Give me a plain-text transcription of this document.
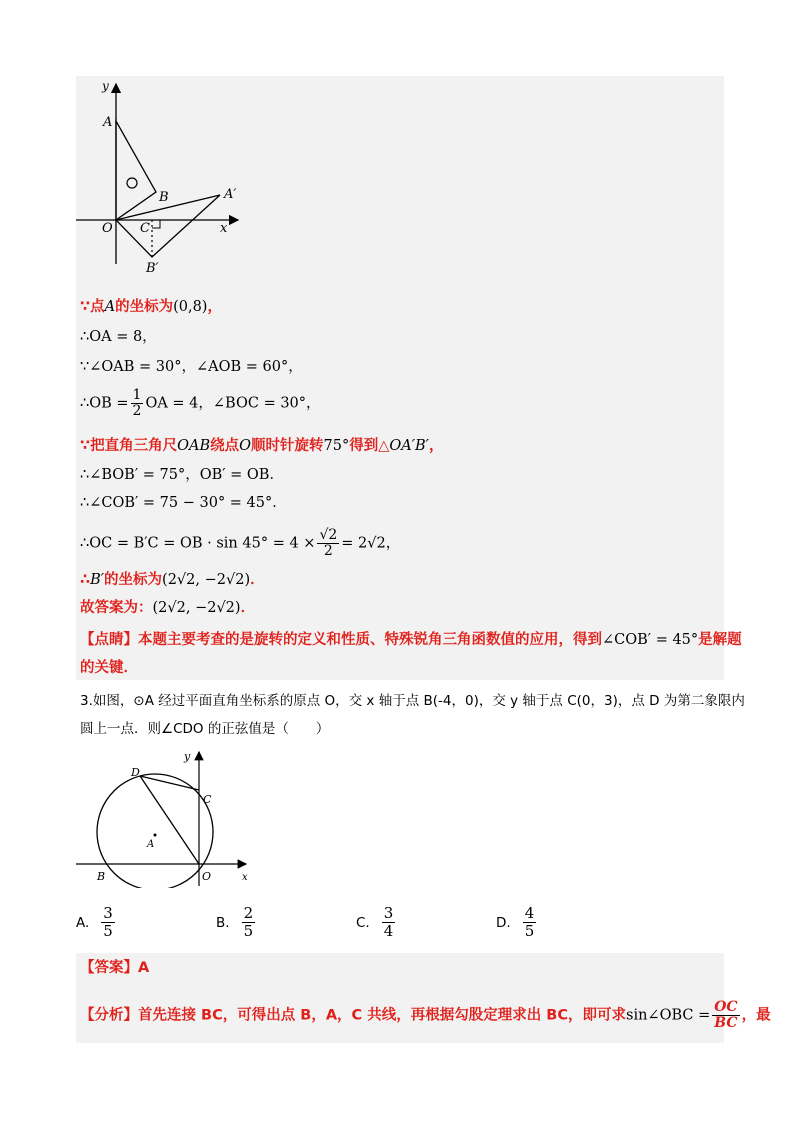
y
A
B	A′
O C	x
B′
∵点A的坐标为(0,8)，
∴OA = 8，
∵∠OAB = 30°，∠AOB = 60°，
∴OB = $\frac{1}{2}$ OA = 4，∠BOC = 30°，
∵把直角三角尺OAB绕点O顺时针旋转75°得到△OA′B′，
∴∠BOB′ = 75°，OB′ = OB．
∴∠COB′ = 75 − 30° = 45°．
∴OC = B′C = OB · $\sin 45^\circ = 4 \times \frac{√2}{2} = 2√2$，
∴B′的坐标为(2√2, −2√2)．
故答案为：(2√2, −2√2)．
【点睛】本题主要考查的是旋转的定义和性质、特殊锐角三角函数值的应用，得到∠COB′ = 45°是解题
的关键．
3.如图，⊙A 经过平面直角坐标系的原点 O，交 x 轴于点 B(-4，0)，交 y 轴于点 C(0，3)，点 D 为第二象限内
圆上一点．则∠CDO 的正弦值是（　　）
y
D
C
A
B	O	x
A. $\frac{3}{5}$	B. $\frac{2}{5}$	C. $\frac{3}{4}$	D. $\frac{4}{5}$
【答案】A
【分析】首先连接 BC，可得出点 B，A，C 共线，再根据勾股定理求出 BC，即可求sin∠OBC = $\frac{OC}{BC}$ ，最
